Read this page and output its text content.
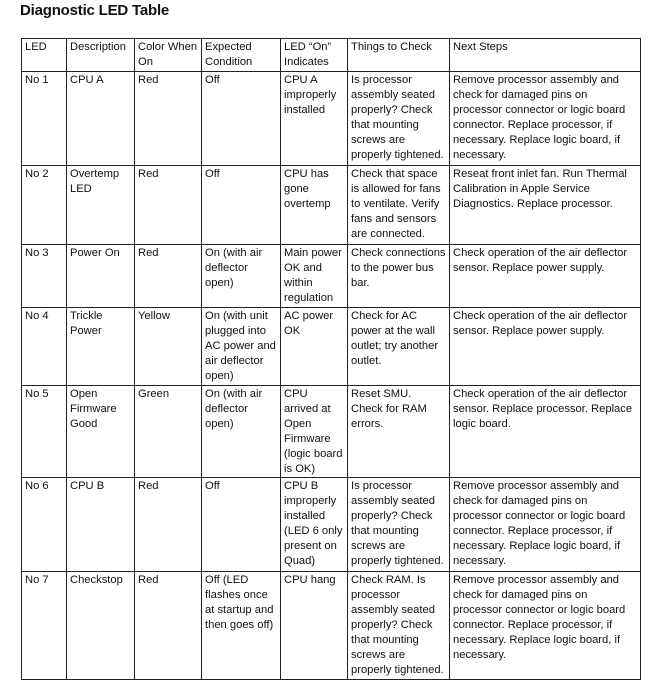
Diagnostic LED Table
LED	Description	Color When On	Expected Condition	LED “On” Indicates	Things to Check	Next Steps
No 1	CPU A	Red	Off	CPU A improperly installed	Is processor assembly seated properly? Check that mounting screws are properly tightened.	Remove processor assembly and check for damaged pins on processor connector or logic board connector. Replace processor, if necessary. Replace logic board, if necessary.
No 2	Overtemp LED	Red	Off	CPU has gone overtemp	Check that space is allowed for fans to ventilate. Verify fans and sensors are connected.	Reseat front inlet fan. Run Thermal Calibration in Apple Service Diagnostics. Replace processor.
No 3	Power On	Red	On (with air deflector open)	Main power OK and within regulation	Check connections to the power bus bar.	Check operation of the air deflector sensor. Replace power supply.
No 4	Trickle Power	Yellow	On (with unit plugged into AC power and air deflector open)	AC power OK	Check for AC power at the wall outlet; try another outlet.	Check operation of the air deflector sensor. Replace power supply.
No 5	Open Firmware Good	Green	On (with air deflector open)	CPU arrived at Open Firmware (logic board is OK)	Reset SMU. Check for RAM errors.	Check operation of the air deflector sensor. Replace processor. Replace logic board.
No 6	CPU B	Red	Off	CPU B improperly installed (LED 6 only present on Quad)	Is processor assembly seated properly? Check that mounting screws are properly tightened.	Remove processor assembly and check for damaged pins on processor connector or logic board connector. Replace processor, if necessary. Replace logic board, if necessary.
No 7	Checkstop	Red	Off (LED flashes once at startup and then goes off)	CPU hang	Check RAM. Is processor assembly seated properly? Check that mounting screws are properly tightened.	Remove processor assembly and check for damaged pins on processor connector or logic board connector. Replace processor, if necessary. Replace logic board, if necessary.
